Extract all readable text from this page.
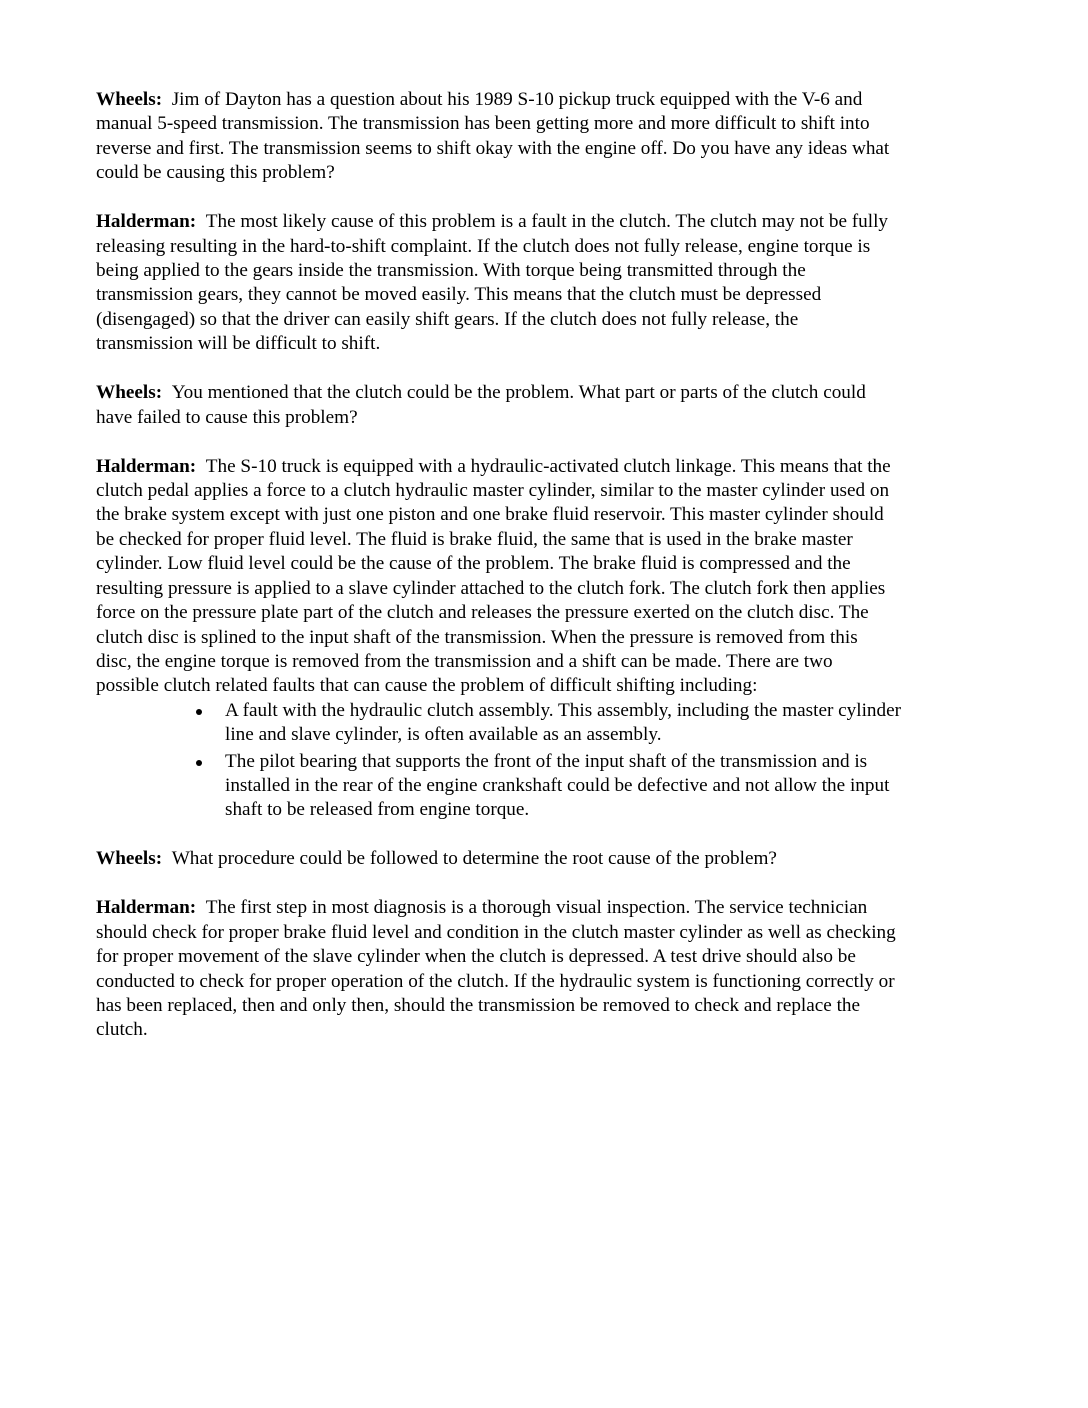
Wheels: Jim of Dayton has a question about his 1989 S-10 pickup truck equipped with the V-6 and
manual 5-speed transmission. The transmission has been getting more and more difficult to shift into
reverse and first. The transmission seems to shift okay with the engine off. Do you have any ideas what
could be causing this problem?

Halderman: The most likely cause of this problem is a fault in the clutch. The clutch may not be fully
releasing resulting in the hard-to-shift complaint. If the clutch does not fully release, engine torque is
being applied to the gears inside the transmission. With torque being transmitted through the
transmission gears, they cannot be moved easily. This means that the clutch must be depressed
(disengaged) so that the driver can easily shift gears. If the clutch does not fully release, the
transmission will be difficult to shift.

Wheels: You mentioned that the clutch could be the problem. What part or parts of the clutch could
have failed to cause this problem?

Halderman: The S-10 truck is equipped with a hydraulic-activated clutch linkage. This means that the
clutch pedal applies a force to a clutch hydraulic master cylinder, similar to the master cylinder used on
the brake system except with just one piston and one brake fluid reservoir. This master cylinder should
be checked for proper fluid level. The fluid is brake fluid, the same that is used in the brake master
cylinder. Low fluid level could be the cause of the problem. The brake fluid is compressed and the
resulting pressure is applied to a slave cylinder attached to the clutch fork. The clutch fork then applies
force on the pressure plate part of the clutch and releases the pressure exerted on the clutch disc. The
clutch disc is splined to the input shaft of the transmission. When the pressure is removed from this
disc, the engine torque is removed from the transmission and a shift can be made. There are two
possible clutch related faults that can cause the problem of difficult shifting including:

A fault with the hydraulic clutch assembly. This assembly, including the master cylinder
line and slave cylinder, is often available as an assembly.
The pilot bearing that supports the front of the input shaft of the transmission and is
installed in the rear of the engine crankshaft could be defective and not allow the input
shaft to be released from engine torque.

Wheels: What procedure could be followed to determine the root cause of the problem?

Halderman: The first step in most diagnosis is a thorough visual inspection. The service technician
should check for proper brake fluid level and condition in the clutch master cylinder as well as checking
for proper movement of the slave cylinder when the clutch is depressed. A test drive should also be
conducted to check for proper operation of the clutch. If the hydraulic system is functioning correctly or
has been replaced, then and only then, should the transmission be removed to check and replace the
clutch.
